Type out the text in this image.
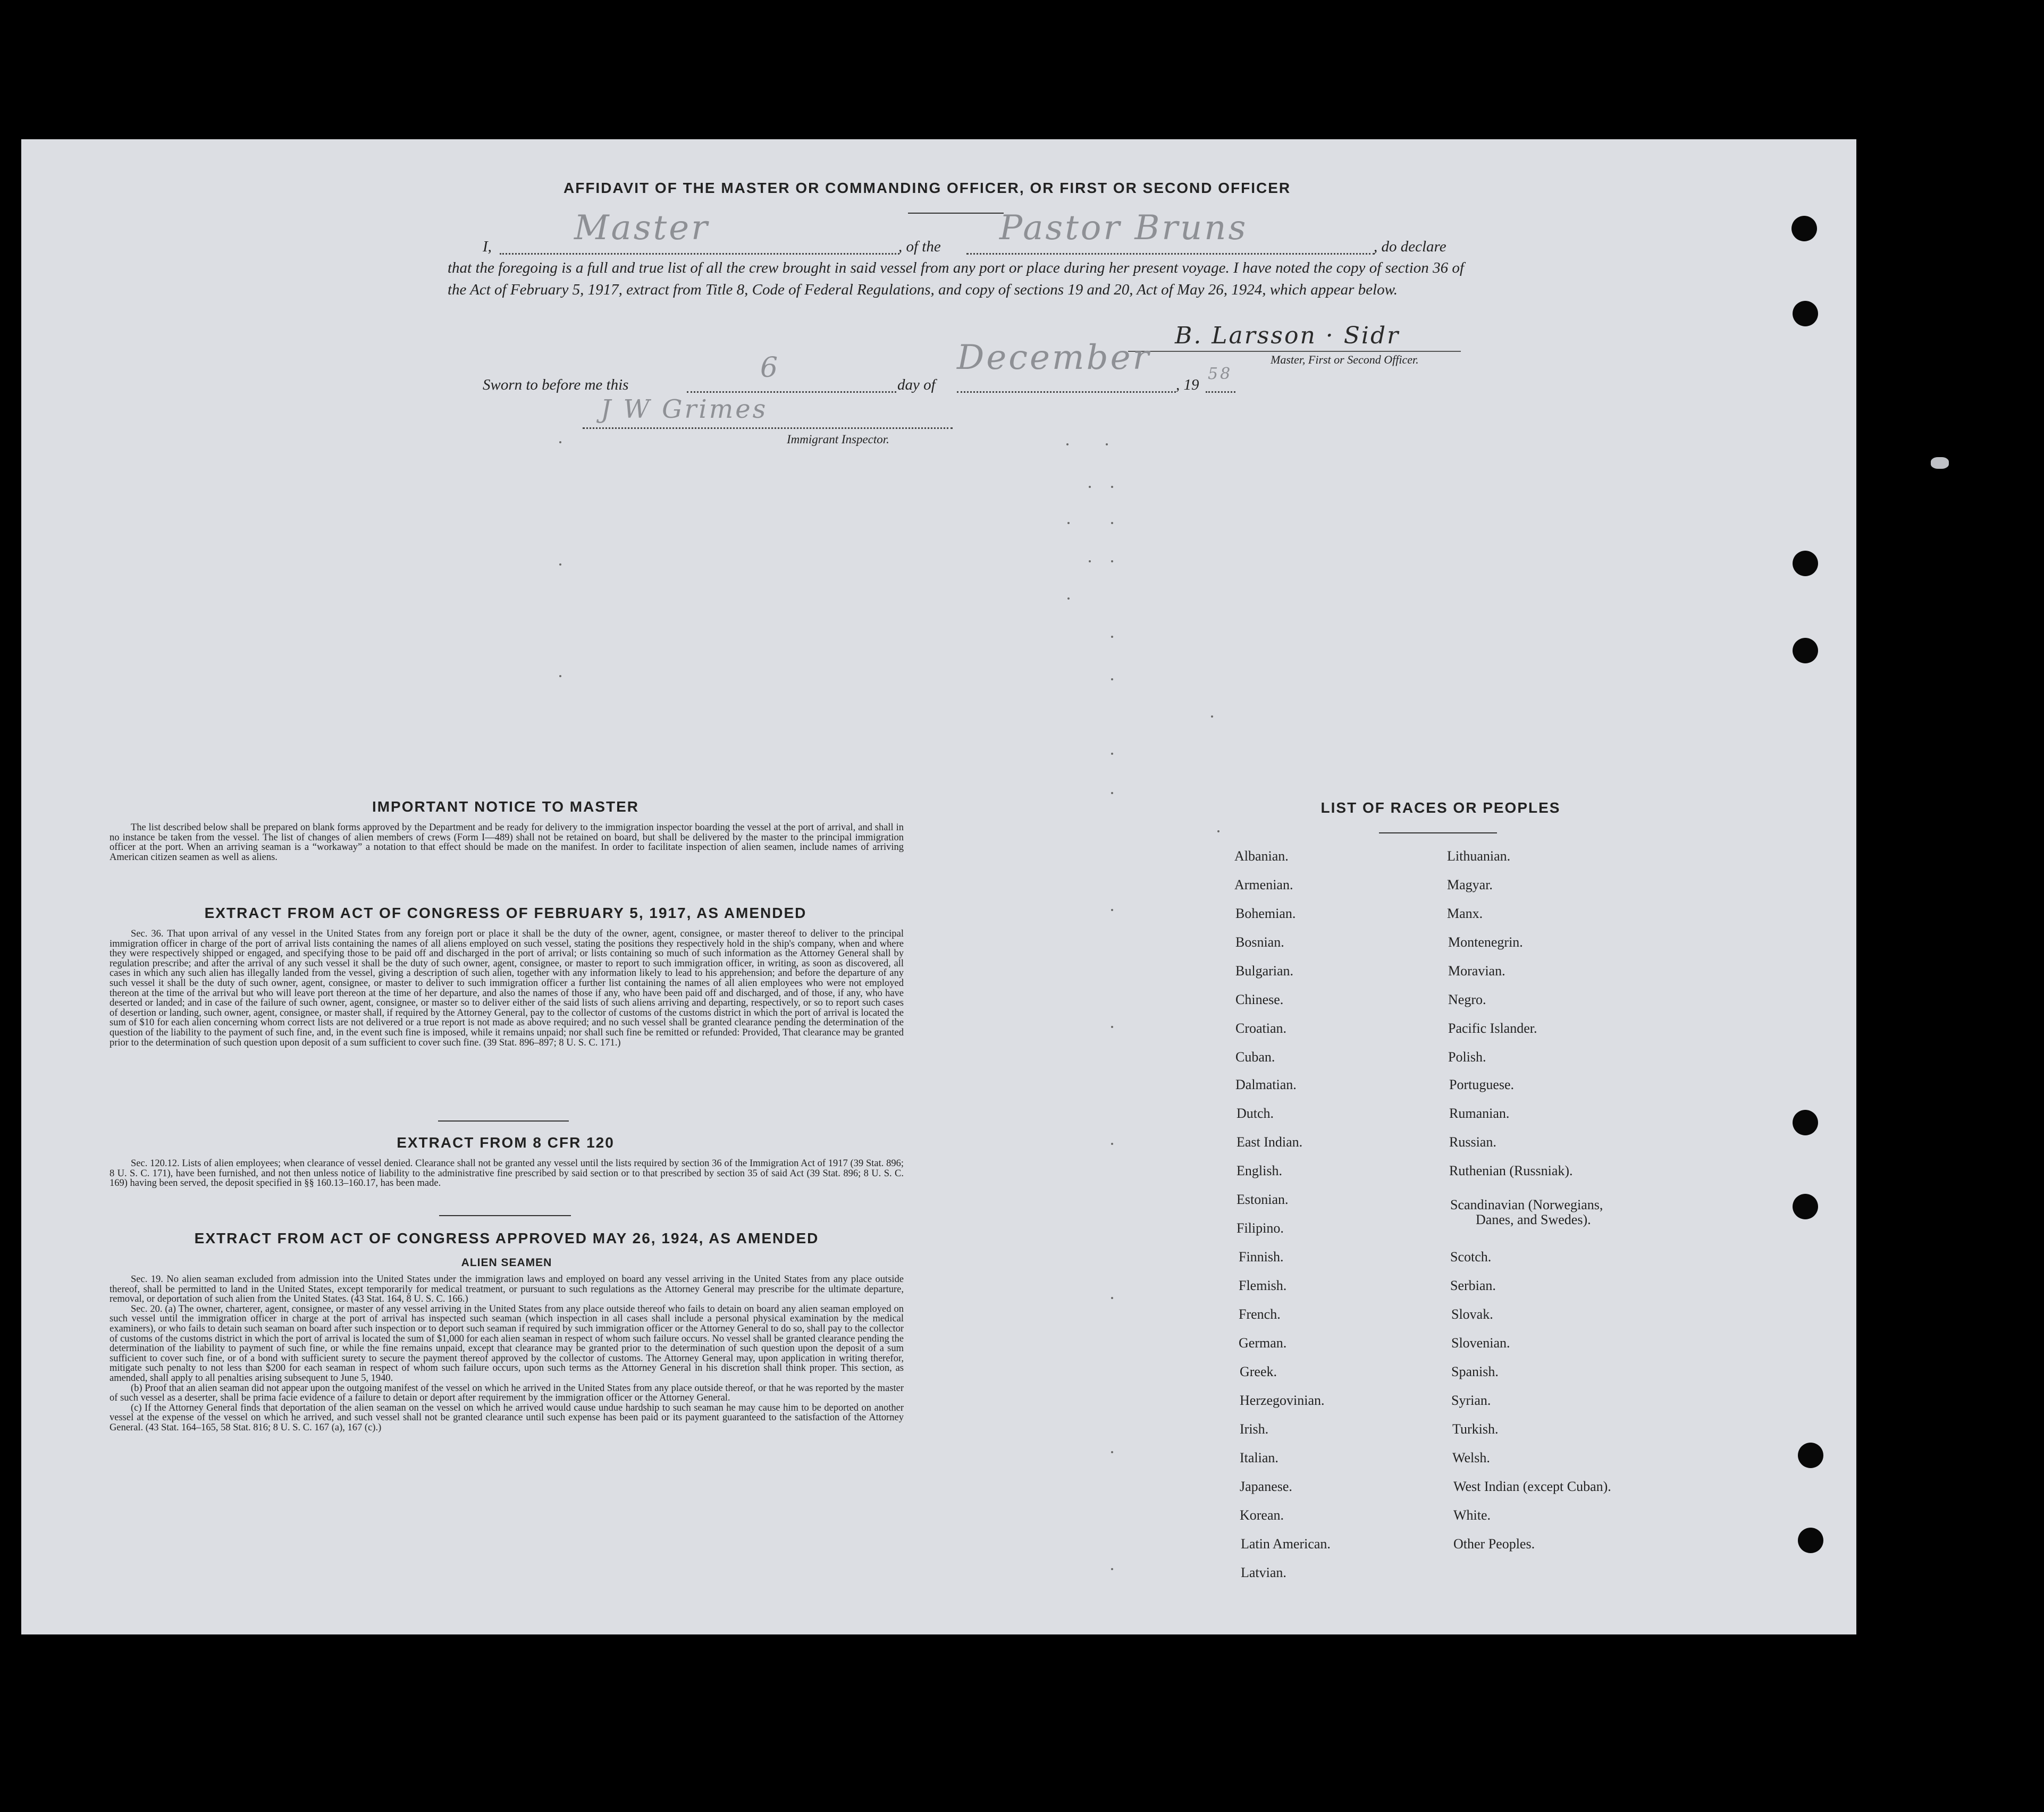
AFFIDAVIT OF THE MASTER OR COMMANDING OFFICER, OR FIRST OR SECOND OFFICER
I, Master	, of the Pastor Bruns	, do declare
that the foregoing is a full and true list of all the crew brought in said vessel from any port or place during her present voyage. I have noted the copy of section 36 of the Act of February 5, 1917, extract from Title 8, Code of Federal Regulations, and copy of sections 19 and 20, Act of May 26, 1924, which appear below.
B. Larsson · Sidr
Master, First or Second Officer.
Sworn to before me this
6
day of
December
, 19
58
J W Grimes
Immigrant Inspector.
IMPORTANT NOTICE TO MASTER

The list described below shall be prepared on blank forms approved by the Department and be ready for delivery to the immigration inspector boarding the vessel at the port of arrival, and shall in no instance be taken from the vessel. The list of changes of alien members of crews (Form I—489) shall not be retained on board, but shall be delivered by the master to the principal immigration officer at the port. When an arriving seaman is a “workaway” a notation to that effect should be made on the manifest. In order to facilitate inspection of alien seamen, include names of arriving American citizen seamen as well as aliens.

EXTRACT FROM ACT OF CONGRESS OF FEBRUARY 5, 1917, AS AMENDED

Sec. 36. That upon arrival of any vessel in the United States from any foreign port or place it shall be the duty of the owner, agent, consignee, or master thereof to deliver to the principal immigration officer in charge of the port of arrival lists containing the names of all aliens employed on such vessel, stating the positions they respectively hold in the ship's company, when and where they were respectively shipped or engaged, and specifying those to be paid off and discharged in the port of arrival; or lists containing so much of such information as the Attorney General shall by regulation prescribe; and after the arrival of any such vessel it shall be the duty of such owner, agent, consignee, or master to report to such immigration officer, in writing, as soon as discovered, all cases in which any such alien has illegally landed from the vessel, giving a description of such alien, together with any information likely to lead to his apprehension; and before the departure of any such vessel it shall be the duty of such owner, agent, consignee, or master to deliver to such immigration officer a further list containing the names of all alien employees who were not employed thereon at the time of the arrival but who will leave port thereon at the time of her departure, and also the names of those if any, who have been paid off and discharged, and of those, if any, who have deserted or landed; and in case of the failure of such owner, agent, consignee, or master so to deliver either of the said lists of such aliens arriving and departing, respectively, or so to report such cases of desertion or landing, such owner, agent, consignee, or master shall, if required by the Attorney General, pay to the collector of customs of the customs district in which the port of arrival is located the sum of $10 for each alien concerning whom correct lists are not delivered or a true report is not made as above required; and no such vessel shall be granted clearance pending the determination of the question of the liability to the payment of such fine, and, in the event such fine is imposed, while it remains unpaid; nor shall such fine be remitted or refunded: Provided, That clearance may be granted prior to the determination of such question upon deposit of a sum sufficient to cover such fine. (39 Stat. 896–897; 8 U. S. C. 171.)

EXTRACT FROM 8 CFR 120

Sec. 120.12. Lists of alien employees; when clearance of vessel denied. Clearance shall not be granted any vessel until the lists required by section 36 of the Immigration Act of 1917 (39 Stat. 896; 8 U. S. C. 171), have been furnished, and not then unless notice of liability to the administrative fine prescribed by said section or to that prescribed by section 35 of said Act (39 Stat. 896; 8 U. S. C. 169) having been served, the deposit specified in §§ 160.13–160.17, has been made.

EXTRACT FROM ACT OF CONGRESS APPROVED MAY 26, 1924, AS AMENDED
ALIEN SEAMEN

Sec. 19. No alien seaman excluded from admission into the United States under the immigration laws and employed on board any vessel arriving in the United States from any place outside thereof, shall be permitted to land in the United States, except temporarily for medical treatment, or pursuant to such regulations as the Attorney General may prescribe for the ultimate departure, removal, or deportation of such alien from the United States. (43 Stat. 164, 8 U. S. C. 166.)

Sec. 20. (a) The owner, charterer, agent, consignee, or master of any vessel arriving in the United States from any place outside thereof who fails to detain on board any alien seaman employed on such vessel until the immigration officer in charge at the port of arrival has inspected such seaman (which inspection in all cases shall include a personal physical examination by the medical examiners), or who fails to detain such seaman on board after such inspection or to deport such seaman if required by such immigration officer or the Attorney General to do so, shall pay to the collector of customs of the customs district in which the port of arrival is located the sum of $1,000 for each alien seaman in respect of whom such failure occurs. No vessel shall be granted clearance pending the determination of the liability to payment of such fine, or while the fine remains unpaid, except that clearance may be granted prior to the determination of such question upon the deposit of a sum sufficient to cover such fine, or of a bond with sufficient surety to secure the payment thereof approved by the collector of customs. The Attorney General may, upon application in writing therefor, mitigate such penalty to not less than $200 for each seaman in respect of whom such failure occurs, upon such terms as the Attorney General in his discretion shall think proper. This section, as amended, shall apply to all penalties arising subsequent to June 5, 1940.

(b) Proof that an alien seaman did not appear upon the outgoing manifest of the vessel on which he arrived in the United States from any place outside thereof, or that he was reported by the master of such vessel as a deserter, shall be prima facie evidence of a failure to detain or deport after requirement by the immigration officer or the Attorney General.

(c) If the Attorney General finds that deportation of the alien seaman on the vessel on which he arrived would cause undue hardship to such seaman he may cause him to be deported on another vessel at the expense of the vessel on which he arrived, and such vessel shall not be granted clearance until such expense has been paid or its payment guaranteed to the satisfaction of the Attorney General. (43 Stat. 164–165, 58 Stat. 816; 8 U. S. C. 167 (a), 167 (c).)

LIST OF RACES OR PEOPLES
Albanian.
Armenian.
Bohemian.
Bosnian.
Bulgarian.
Chinese.
Croatian.
Cuban.
Dalmatian.
Dutch.
East Indian.
English.
Estonian.
Filipino.
Finnish.
Flemish.
French.
German.
Greek.
Herzegovinian.
Irish.
Italian.
Japanese.
Korean.
Latin American.
Latvian.
Lithuanian.
Magyar.
Manx.
Montenegrin.
Moravian.
Negro.
Pacific Islander.
Polish.
Portuguese.
Rumanian.
Russian.
Ruthenian (Russniak).
Scandinavian (Norwegians,
Danes, and Swedes).
Scotch.
Serbian.
Slovak.
Slovenian.
Spanish.
Syrian.
Turkish.
Welsh.
West Indian (except Cuban).
White.
Other Peoples.
